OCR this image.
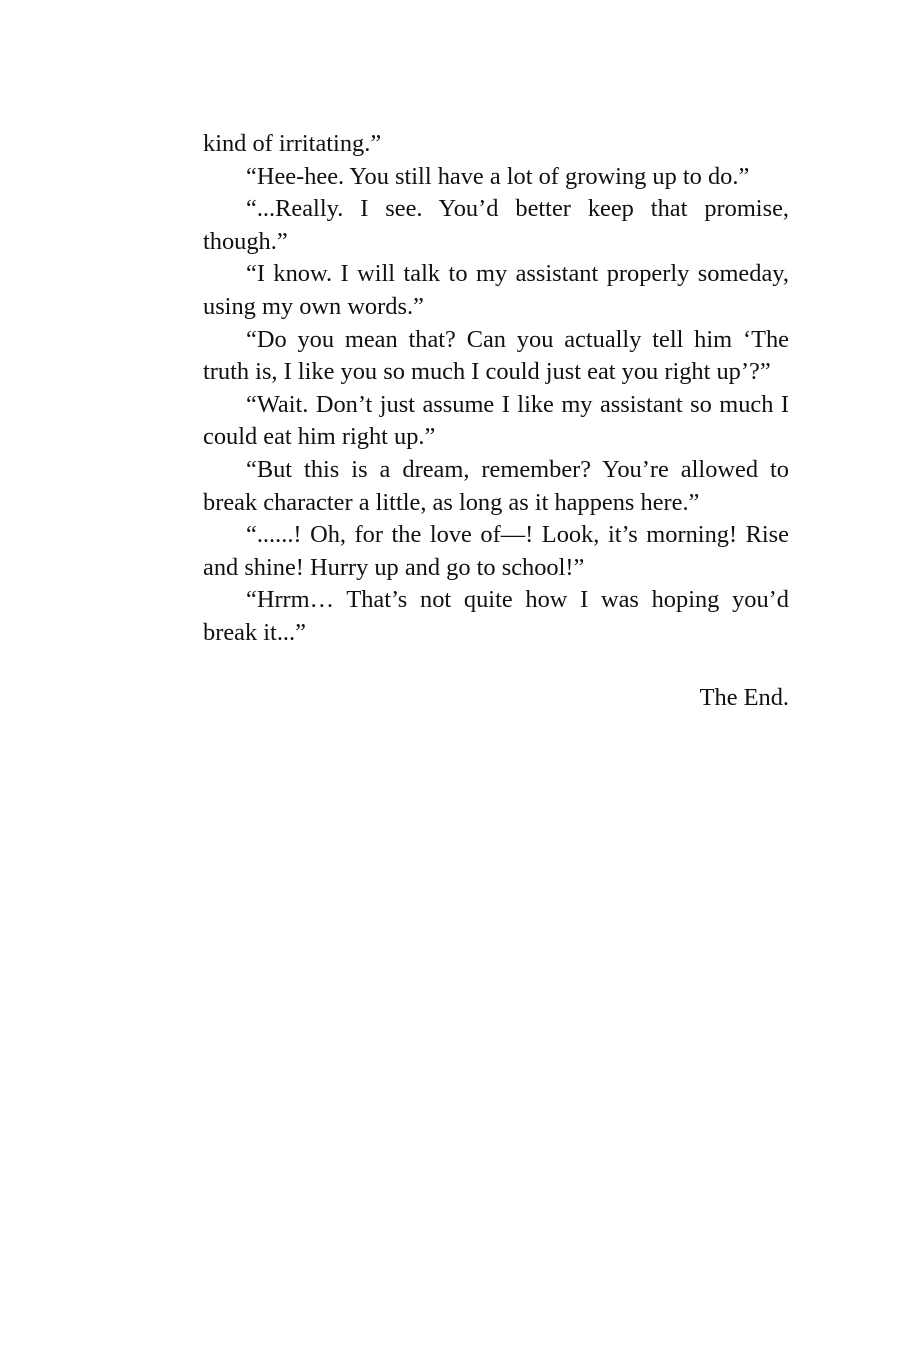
kind of irritating.”

“Hee-hee. You still have a lot of growing up to do.”

“...Really. I see. You’d better keep that promise, though.”

“I know. I will talk to my assistant properly someday, using my own words.”

“Do you mean that? Can you actually tell him ‘The truth is, I like you so much I could just eat you right up’?”

“Wait. Don’t just assume I like my assistant so much I could eat him right up.”

“But this is a dream, remember? You’re allowed to break character a little, as long as it happens here.”

“......! Oh, for the love of—! Look, it’s morning! Rise and shine! Hurry up and go to school!”

“Hrrm… That’s not quite how I was hoping you’d break it...”

The End.
